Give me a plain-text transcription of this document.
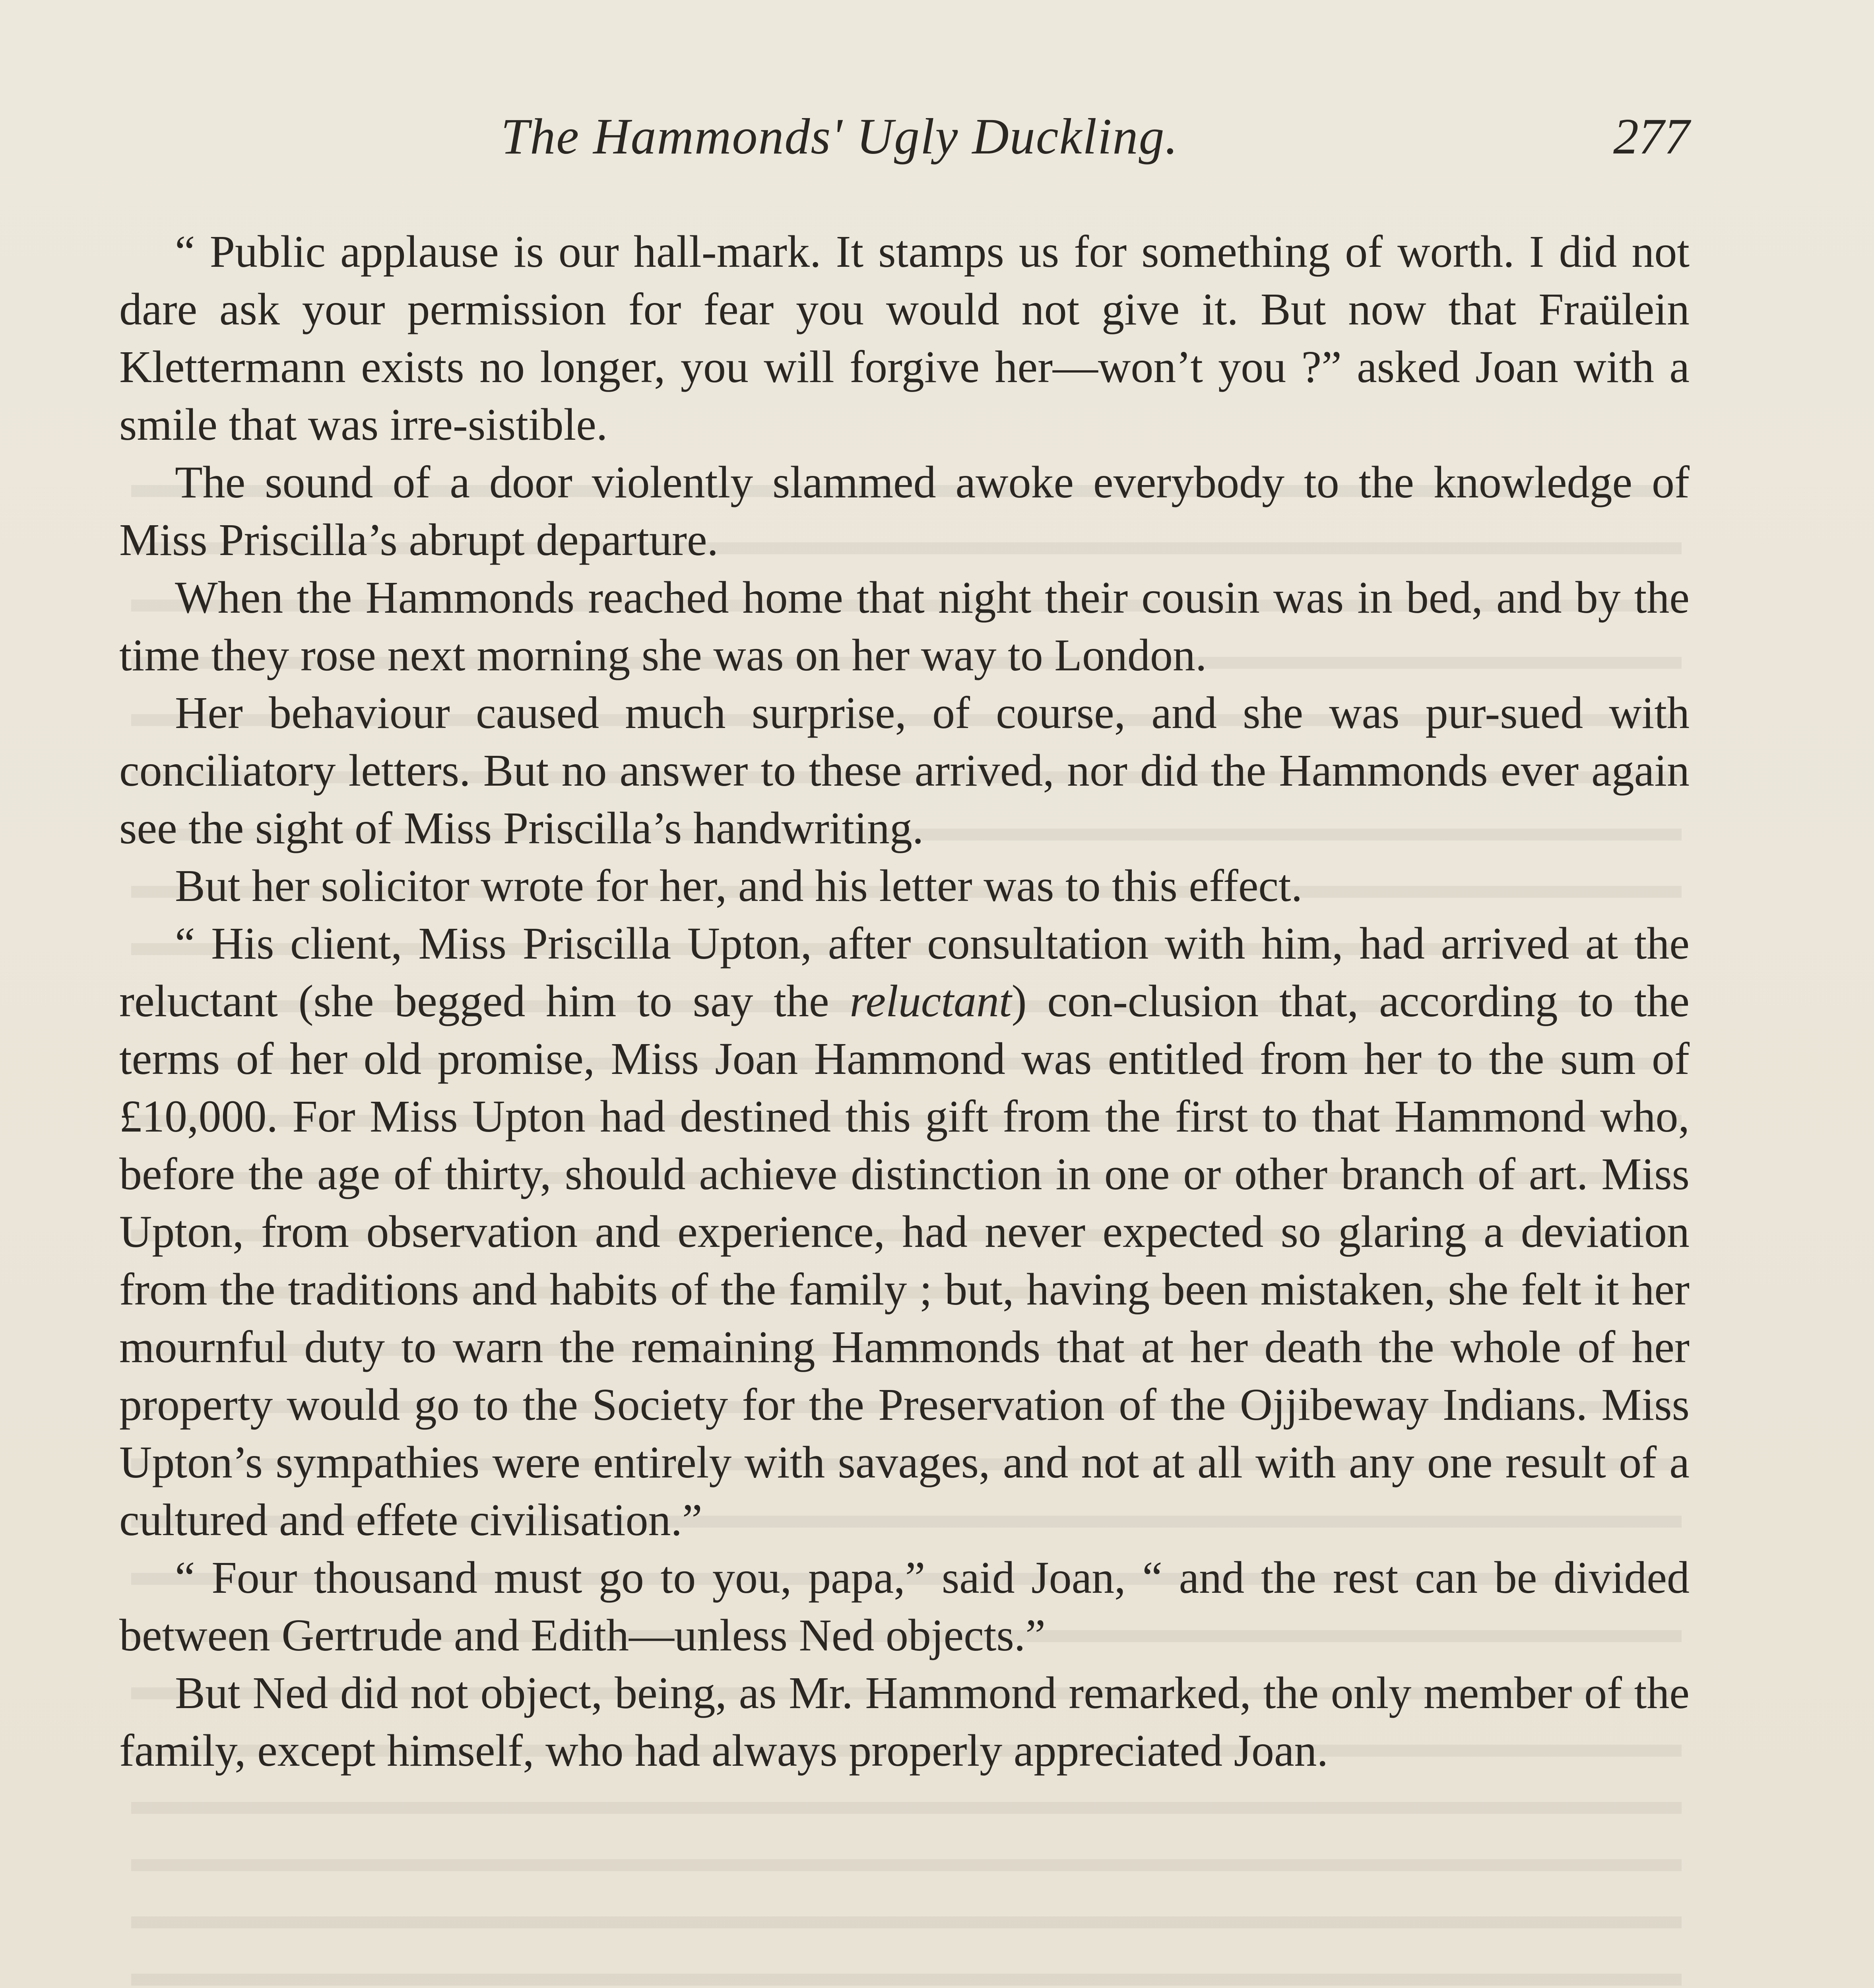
The Hammonds' Ugly Duckling.	277

“ Public applause is our hall-mark. It stamps us for something of worth. I did not dare ask your permission for fear you would not give it. But now that Fraülein Klettermann exists no longer, you will forgive her—won’t you ?” asked Joan with a smile that was irre-sistible.

The sound of a door violently slammed awoke everybody to the knowledge of Miss Priscilla’s abrupt departure.

When the Hammonds reached home that night their cousin was in bed, and by the time they rose next morning she was on her way to London.

Her behaviour caused much surprise, of course, and she was pur-sued with conciliatory letters. But no answer to these arrived, nor did the Hammonds ever again see the sight of Miss Priscilla’s handwriting.

But her solicitor wrote for her, and his letter was to this effect.

“ His client, Miss Priscilla Upton, after consultation with him, had arrived at the reluctant (she begged him to say the reluctant) con-clusion that, according to the terms of her old promise, Miss Joan Hammond was entitled from her to the sum of £10,000. For Miss Upton had destined this gift from the first to that Hammond who, before the age of thirty, should achieve distinction in one or other branch of art. Miss Upton, from observation and experience, had never expected so glaring a deviation from the traditions and habits of the family ; but, having been mistaken, she felt it her mournful duty to warn the remaining Hammonds that at her death the whole of her property would go to the Society for the Preservation of the Ojjibeway Indians. Miss Upton’s sympathies were entirely with savages, and not at all with any one result of a cultured and effete civilisation.”

“ Four thousand must go to you, papa,” said Joan, “ and the rest can be divided between Gertrude and Edith—unless Ned objects.”

But Ned did not object, being, as Mr. Hammond remarked, the only member of the family, except himself, who had always properly appreciated Joan.
